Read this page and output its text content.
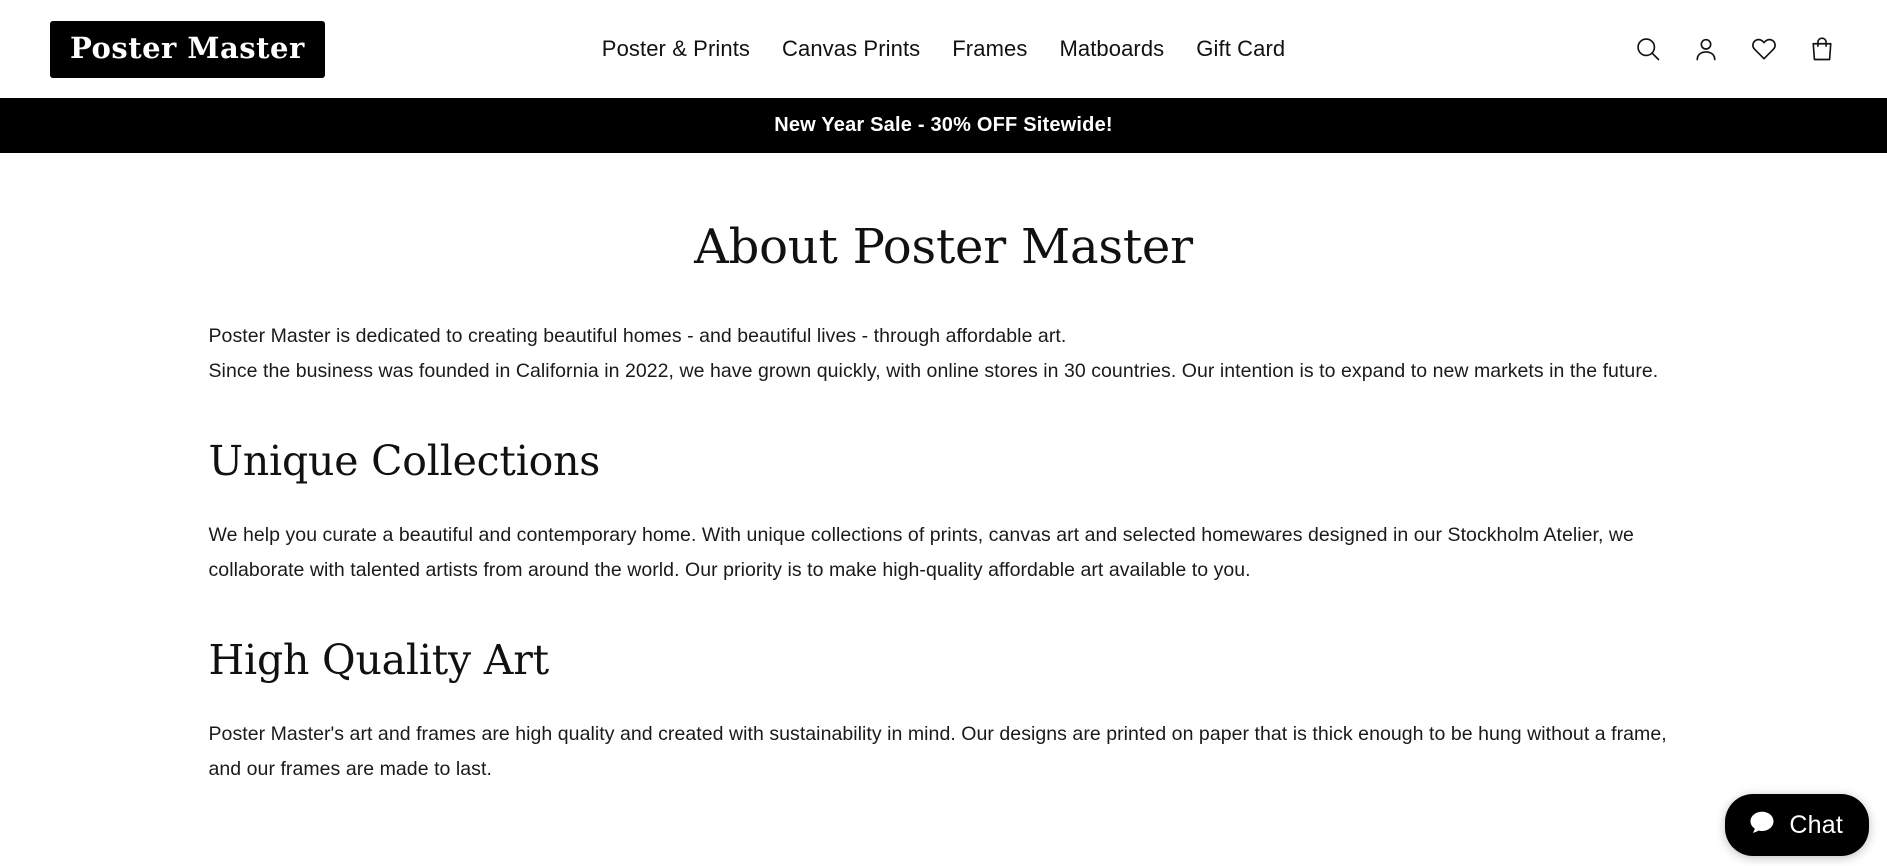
Poster Master	Poster & Prints Canvas Prints Frames Matboards Gift Card
New Year Sale - 30% OFF Sitewide!
About Poster Master

Poster Master is dedicated to creating beautiful homes - and beautiful lives - through affordable art.

Since the business was founded in California in 2022, we have grown quickly, with online stores in 30 countries. Our intention is to expand to new markets in the future.

Unique Collections

We help you curate a beautiful and contemporary home. With unique collections of prints, canvas art and selected homewares designed in our Stockholm Atelier, we collaborate with talented artists from around the world. Our priority is to make high-quality affordable art available to you.

High Quality Art

Poster Master's art and frames are high quality and created with sustainability in mind. Our designs are printed on paper that is thick enough to be hung without a frame, and our frames are made to last.

Chat
